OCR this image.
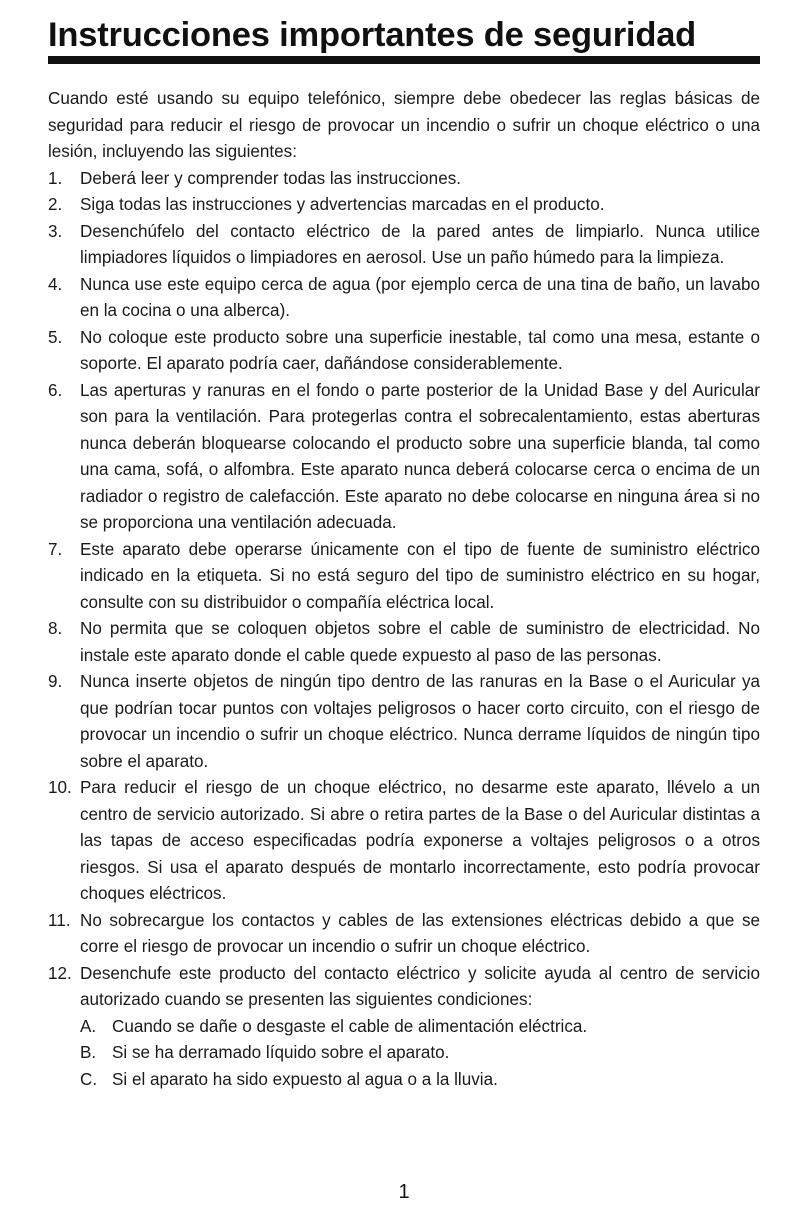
Instrucciones importantes de seguridad
Cuando esté usando su equipo telefónico, siempre debe obedecer las reglas básicas de seguridad para reducir el riesgo de provocar un incendio o sufrir un choque eléctrico o una lesión, incluyendo las siguientes:
1. Deberá leer y comprender todas las instrucciones.
2. Siga todas las instrucciones y advertencias marcadas en el producto.
3. Desenchúfelo del contacto eléctrico de la pared antes de limpiarlo. Nunca utilice limpiadores líquidos o limpiadores en aerosol. Use un paño húmedo para la limpieza.
4. Nunca use este equipo cerca de agua (por ejemplo cerca de una tina de baño, un lavabo en la cocina o una alberca).
5. No coloque este producto sobre una superficie inestable, tal como una mesa, estante o soporte. El aparato podría caer, dañándose considerablemente.
6. Las aperturas y ranuras en el fondo o parte posterior de la Unidad Base y del Auricular son para la ventilación. Para protegerlas contra el sobrecalentamiento, estas aberturas nunca deberán bloquearse colocando el producto sobre una superficie blanda, tal como una cama, sofá, o alfombra. Este aparato nunca deberá colocarse cerca o encima de un radiador o registro de calefacción. Este aparato no debe colocarse en ninguna área si no se proporciona una ventilación adecuada.
7. Este aparato debe operarse únicamente con el tipo de fuente de suministro eléctrico indicado en la etiqueta. Si no está seguro del tipo de suministro eléctrico en su hogar, consulte con su distribuidor o compañía eléctrica local.
8. No permita que se coloquen objetos sobre el cable de suministro de electricidad. No instale este aparato donde el cable quede expuesto al paso de las personas.
9. Nunca inserte objetos de ningún tipo dentro de las ranuras en la Base o el Auricular ya que podrían tocar puntos con voltajes peligrosos o hacer corto circuito, con el riesgo de provocar un incendio o sufrir un choque eléctrico. Nunca derrame líquidos de ningún tipo sobre el aparato.
10. Para reducir el riesgo de un choque eléctrico, no desarme este aparato, llévelo a un centro de servicio autorizado. Si abre o retira partes de la Base o del Auricular distintas a las tapas de acceso especificadas podría exponerse a voltajes peligrosos o a otros riesgos. Si usa el aparato después de montarlo incorrectamente, esto podría provocar choques eléctricos.
11. No sobrecargue los contactos y cables de las extensiones eléctricas debido a que se corre el riesgo de provocar un incendio o sufrir un choque eléctrico.
12. Desenchufe este producto del contacto eléctrico y solicite ayuda al centro de servicio autorizado cuando se presenten las siguientes condiciones:
A. Cuando se dañe o desgaste el cable de alimentación eléctrica.
B. Si se ha derramado líquido sobre el aparato.
C. Si el aparato ha sido expuesto al agua o a la lluvia.
1
